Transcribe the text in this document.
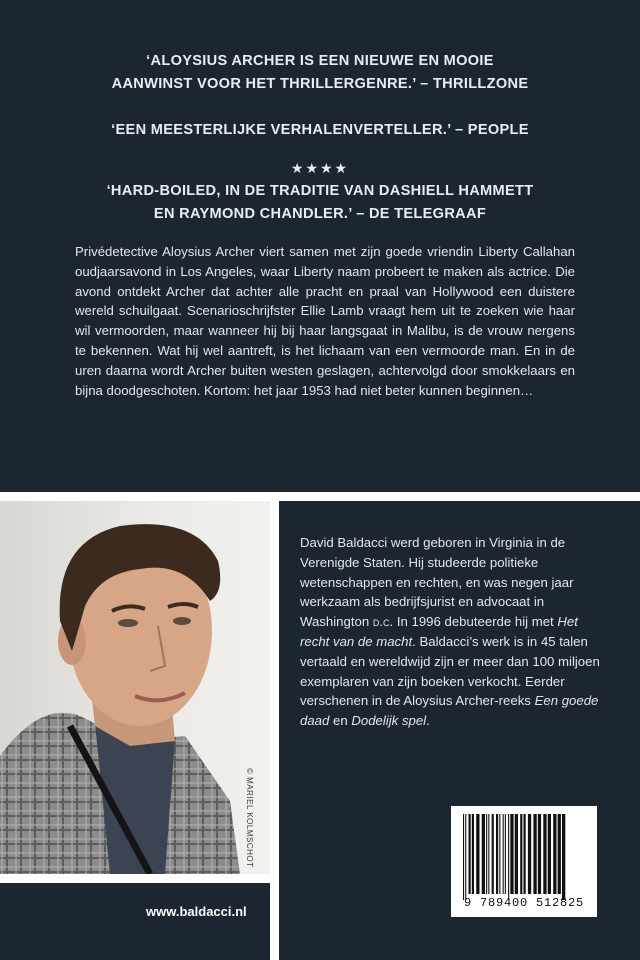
‘ALOYSIUS ARCHER IS EEN NIEUWE EN MOOIE
AANWINST VOOR HET THRILLERGENRE.’ – THRILLZONE
‘EEN MEESTERLIJKE VERHALENVERTELLER.’ – PEOPLE
★★★★
‘HARD-BOILED, IN DE TRADITIE VAN DASHIELL HAMMETT
EN RAYMOND CHANDLER.’ – DE TELEGRAAF
Privédetective Aloysius Archer viert samen met zijn goede vriendin Liberty Callahan oudjaarsavond in Los Angeles, waar Liberty naam probeert te maken als actrice. Die avond ontdekt Archer dat achter alle pracht en praal van Hollywood een duistere wereld schuilgaat. Scenarioschrijfster Ellie Lamb vraagt hem uit te zoeken wie haar wil vermoorden, maar wanneer hij bij haar langsgaat in Malibu, is de vrouw nergens te bekennen. Wat hij wel aantreft, is het lichaam van een vermoorde man. En in de uren daarna wordt Archer buiten westen geslagen, achtervolgd door smokkelaars en bijna doodgeschoten. Kortom: het jaar 1953 had niet beter kunnen beginnen…
© MARIEL KOLMSCHOT
www.baldacci.nl
David Baldacci werd geboren in Virginia in de Verenigde Staten. Hij studeerde politieke wetenschappen en rechten, en was negen jaar werkzaam als bedrijfsjurist en advocaat in Washington d.c. In 1996 debuteerde hij met Het recht van de macht. Baldacci’s werk is in 45 talen vertaald en wereldwijd zijn er meer dan 100 miljoen exemplaren van zijn boeken verkocht. Eerder verschenen in de Aloysius Archer-reeks Een goede daad en Dodelijk spel.
9 789400 512825
